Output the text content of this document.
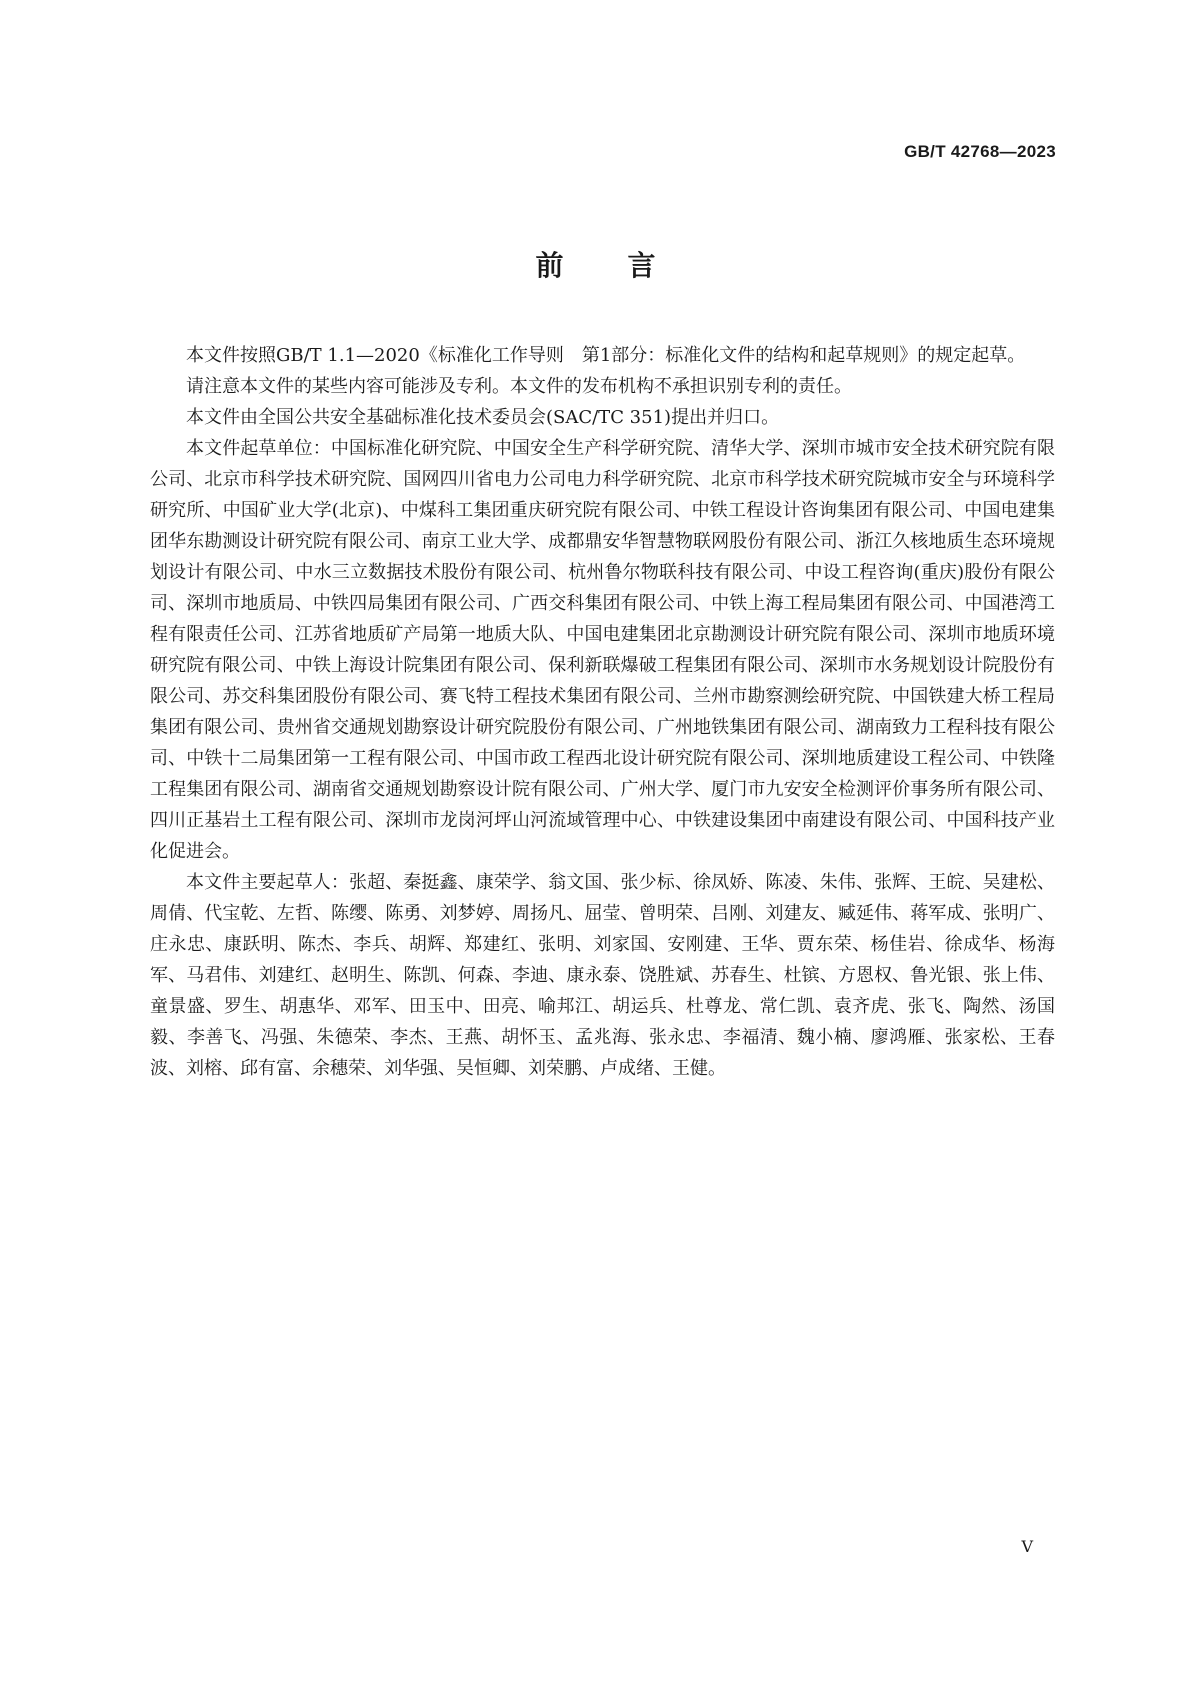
GB/T 42768—2023
前言

本文件按照GB/T 1.1—2020《标准化工作导则　第1部分：标准化文件的结构和起草规则》的规定起草。

请注意本文件的某些内容可能涉及专利。本文件的发布机构不承担识别专利的责任。

本文件由全国公共安全基础标准化技术委员会(SAC/TC 351)提出并归口。

本文件起草单位：中国标准化研究院、中国安全生产科学研究院、清华大学、深圳市城市安全技术研究院有限公司、北京市科学技术研究院、国网四川省电力公司电力科学研究院、北京市科学技术研究院城市安全与环境科学研究所、中国矿业大学(北京)、中煤科工集团重庆研究院有限公司、中铁工程设计咨询集团有限公司、中国电建集团华东勘测设计研究院有限公司、南京工业大学、成都鼎安华智慧物联网股份有限公司、浙江久核地质生态环境规划设计有限公司、中水三立数据技术股份有限公司、杭州鲁尔物联科技有限公司、中设工程咨询(重庆)股份有限公司、深圳市地质局、中铁四局集团有限公司、广西交科集团有限公司、中铁上海工程局集团有限公司、中国港湾工程有限责任公司、江苏省地质矿产局第一地质大队、中国电建集团北京勘测设计研究院有限公司、深圳市地质环境研究院有限公司、中铁上海设计院集团有限公司、保利新联爆破工程集团有限公司、深圳市水务规划设计院股份有限公司、苏交科集团股份有限公司、赛飞特工程技术集团有限公司、兰州市勘察测绘研究院、中国铁建大桥工程局集团有限公司、贵州省交通规划勘察设计研究院股份有限公司、广州地铁集团有限公司、湖南致力工程科技有限公司、中铁十二局集团第一工程有限公司、中国市政工程西北设计研究院有限公司、深圳地质建设工程公司、中铁隆工程集团有限公司、湖南省交通规划勘察设计院有限公司、广州大学、厦门市九安安全检测评价事务所有限公司、四川正基岩土工程有限公司、深圳市龙岗河坪山河流域管理中心、中铁建设集团中南建设有限公司、中国科技产业化促进会。

本文件主要起草人：张超、秦挺鑫、康荣学、翁文国、张少标、徐凤娇、陈凌、朱伟、张辉、王皖、吴建松、周倩、代宝乾、左哲、陈缨、陈勇、刘梦婷、周扬凡、屈莹、曾明荣、吕刚、刘建友、臧延伟、蒋军成、张明广、庄永忠、康跃明、陈杰、李兵、胡辉、郑建红、张明、刘家国、安刚建、王华、贾东荣、杨佳岩、徐成华、杨海军、马君伟、刘建红、赵明生、陈凯、何森、李迪、康永泰、饶胜斌、苏春生、杜镔、方恩权、鲁光银、张上伟、童景盛、罗生、胡惠华、邓军、田玉中、田亮、喻邦江、胡运兵、杜尊龙、常仁凯、袁齐虎、张飞、陶然、汤国毅、李善飞、冯强、朱德荣、李杰、王燕、胡怀玉、孟兆海、张永忠、李福清、魏小楠、廖鸿雁、张家松、王春波、刘榕、邱有富、余穗荣、刘华强、吴恒卿、刘荣鹏、卢成绪、王健。

V
